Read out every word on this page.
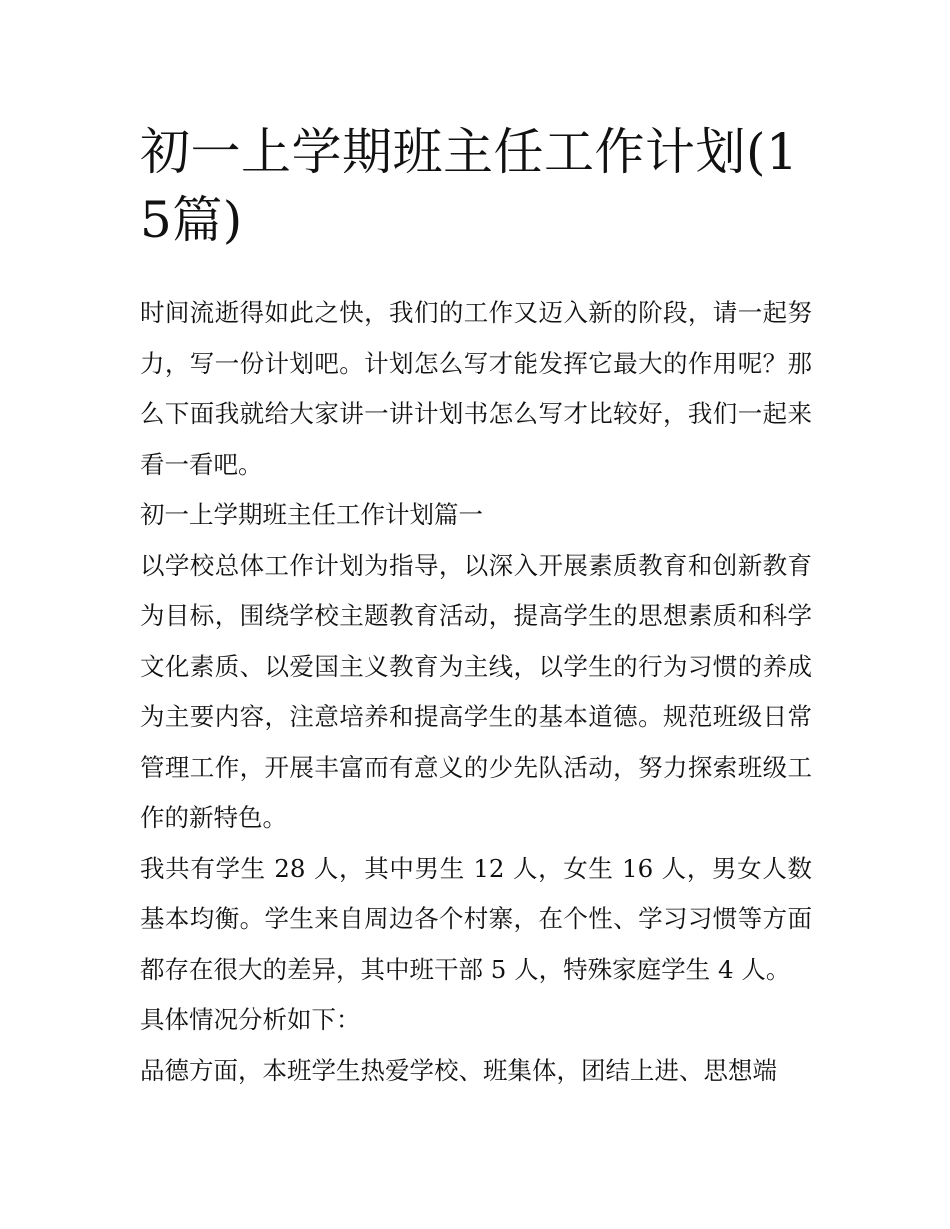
初一上学期班主任工作计划(15篇)

时间流逝得如此之快，我们的工作又迈入新的阶段，请一起努力，写一份计划吧。计划怎么写才能发挥它最大的作用呢？那么下面我就给大家讲一讲计划书怎么写才比较好，我们一起来看一看吧。

初一上学期班主任工作计划篇一

以学校总体工作计划为指导，以深入开展素质教育和创新教育为目标，围绕学校主题教育活动，提高学生的思想素质和科学文化素质、以爱国主义教育为主线，以学生的行为习惯的养成为主要内容，注意培养和提高学生的基本道德。规范班级日常管理工作，开展丰富而有意义的少先队活动，努力探索班级工作的新特色。

我共有学生 28 人，其中男生 12 人，女生 16 人，男女人数基本均衡。学生来自周边各个村寨，在个性、学习习惯等方面都存在很大的差异，其中班干部 5 人，特殊家庭学生 4 人。

具体情况分析如下：

品德方面，本班学生热爱学校、班集体，团结上进、思想端
